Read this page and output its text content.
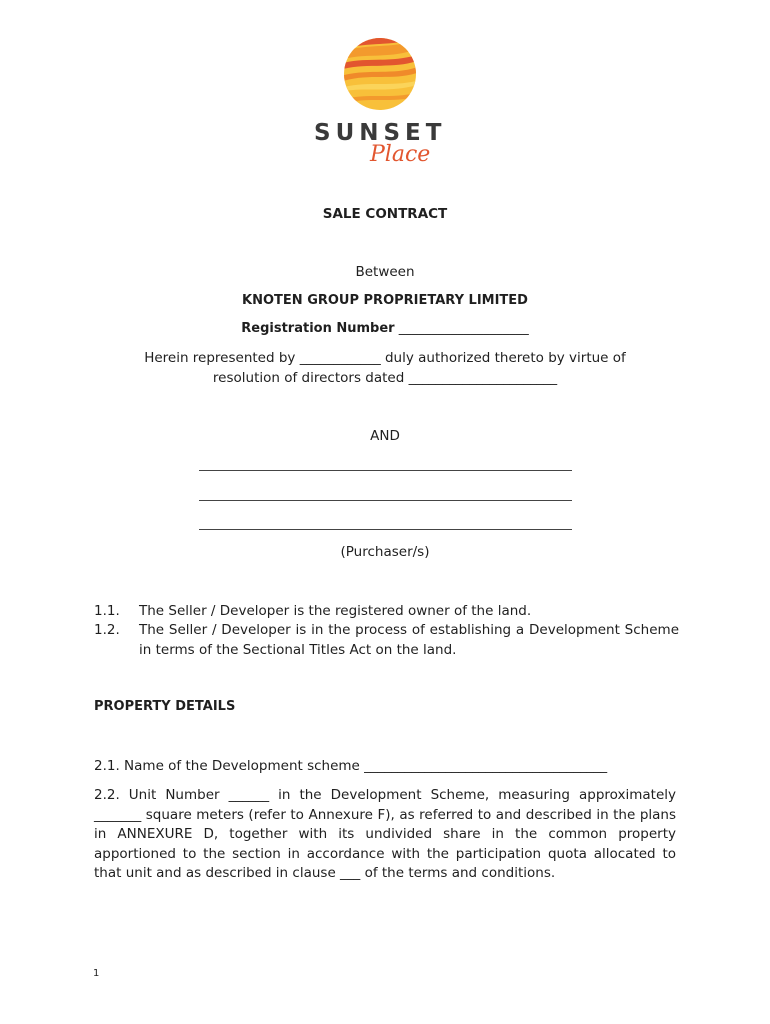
SUNSET
Place
SALE CONTRACT
Between
KNOTEN GROUP PROPRIETARY LIMITED
Registration Number ____________________
Herein represented by ____________ duly authorized thereto by virtue of
resolution of directors dated ______________________
AND
(Purchaser/s)
1.1. The Seller / Developer is the registered owner of the land.
1.2. The Seller / Developer is in the process of establishing a Development Scheme in terms of the Sectional Titles Act on the land.
PROPERTY DETAILS
2.1. Name of the Development scheme ____________________________________
2.2. Unit Number ______ in the Development Scheme, measuring approximately _______ square meters (refer to Annexure F), as referred to and described in the plans in ANNEXURE D, together with its undivided share in the common property apportioned to the section in accordance with the participation quota allocated to that unit and as described in clause ___ of the terms and conditions.
1
